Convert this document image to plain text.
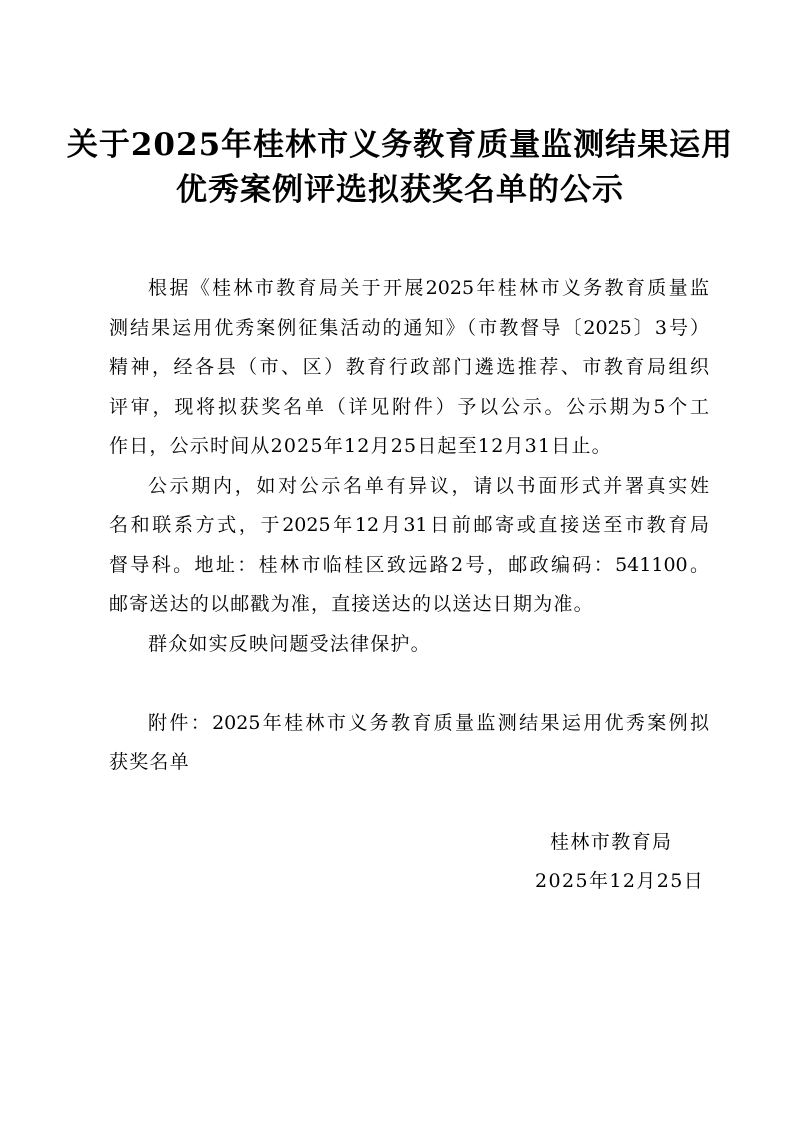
关于2025年桂林市义务教育质量监测结果运用
优秀案例评选拟获奖名单的公示
根据《桂林市教育局关于开展2025年桂林市义务教育质量监
测结果运用优秀案例征集活动的通知》（市教督导〔2025〕3号）
精神，经各县（市、区）教育行政部门遴选推荐、市教育局组织
评审，现将拟获奖名单（详见附件）予以公示。公示期为5个工
作日，公示时间从2025年12月25日起至12月31日止。
公示期内，如对公示名单有异议，请以书面形式并署真实姓
名和联系方式，于2025年12月31日前邮寄或直接送至市教育局
督导科。地址：桂林市临桂区致远路2号，邮政编码：541100。
邮寄送达的以邮戳为准，直接送达的以送达日期为准。
群众如实反映问题受法律保护。
附件：2025年桂林市义务教育质量监测结果运用优秀案例拟
获奖名单
桂林市教育局
2025年12月25日
